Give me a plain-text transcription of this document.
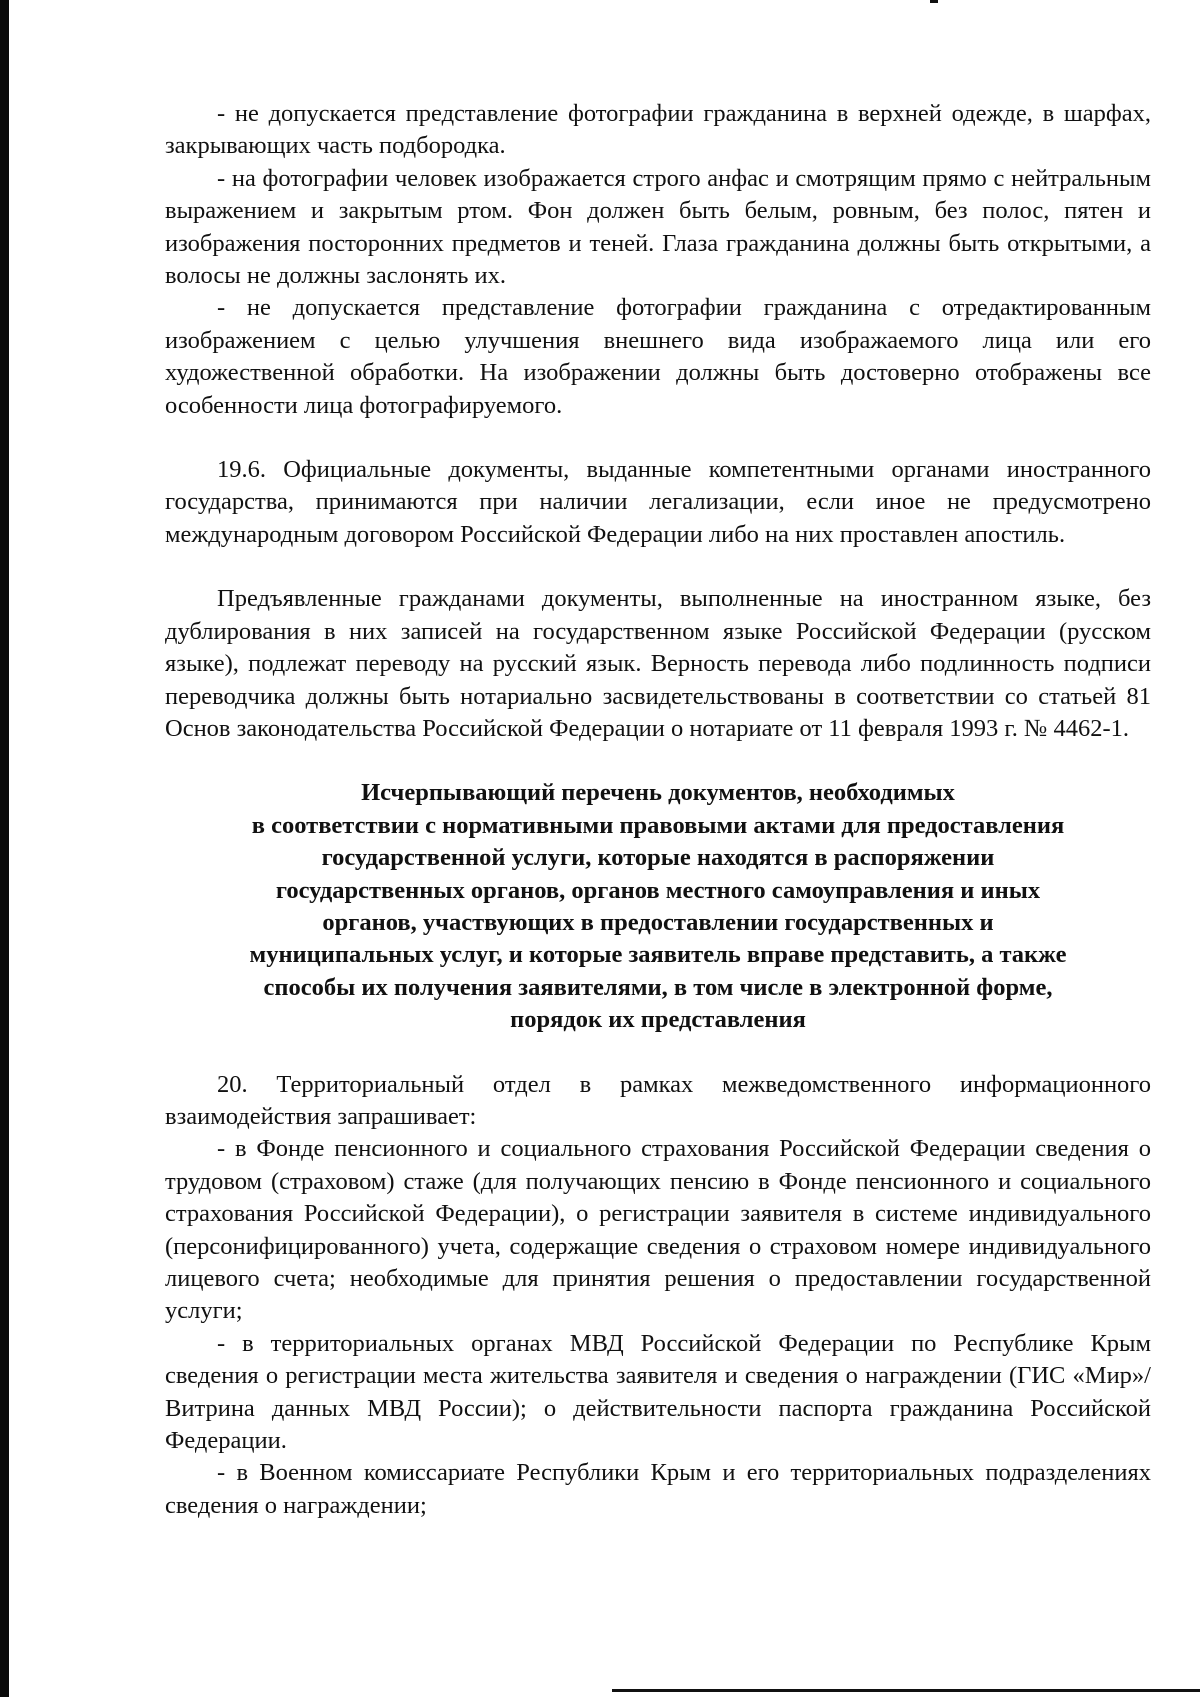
- не допускается представление фотографии гражданина в верхней одежде, в шарфах, закрывающих часть подбородка.

- на фотографии человек изображается строго анфас и смотрящим прямо с нейтральным выражением и закрытым ртом. Фон должен быть белым, ровным, без полос, пятен и изображения посторонних предметов и теней. Глаза гражданина должны быть открытыми, а волосы не должны заслонять их.

- не допускается представление фотографии гражданина с отредактированным изображением с целью улучшения внешнего вида изображаемого лица или его художественной обработки. На изображении должны быть достоверно отображены все особенности лица фотографируемого.

19.6. Официальные документы, выданные компетентными органами иностранного государства, принимаются при наличии легализации, если иное не предусмотрено международным договором Российской Федерации либо на них проставлен апостиль.

Предъявленные гражданами документы, выполненные на иностранном языке, без дублирования в них записей на государственном языке Российской Федерации (русском языке), подлежат переводу на русский язык. Верность перевода либо подлинность подписи переводчика должны быть нотариально засвидетельствованы в соответствии со статьей 81 Основ законодательства Российской Федерации о нотариате от 11 февраля 1993 г. № 4462-1.

Исчерпывающий перечень документов, необходимых
в соответствии с нормативными правовыми актами для предоставления
государственной услуги, которые находятся в распоряжении
государственных органов, органов местного самоуправления и иных
органов, участвующих в предоставлении государственных и
муниципальных услуг, и которые заявитель вправе представить, а также
способы их получения заявителями, в том числе в электронной форме,
порядок их представления

20. Территориальный отдел в рамках межведомственного информационного взаимодействия запрашивает:

- в Фонде пенсионного и социального страхования Российской Федерации сведения о трудовом (страховом) стаже (для получающих пенсию в Фонде пенсионного и социального страхования Российской Федерации), о регистрации заявителя в системе индивидуального (персонифицированного) учета, содержащие сведения о страховом номере индивидуального лицевого счета; необходимые для принятия решения о предоставлении государственной услуги;

- в территориальных органах МВД Российской Федерации по Республике Крым сведения о регистрации места жительства заявителя и сведения о награждении (ГИС «Мир»/Витрина данных МВД России); о действительности паспорта гражданина Российской Федерации.

- в Военном комиссариате Республики Крым и его территориальных подразделениях сведения о награждении;
